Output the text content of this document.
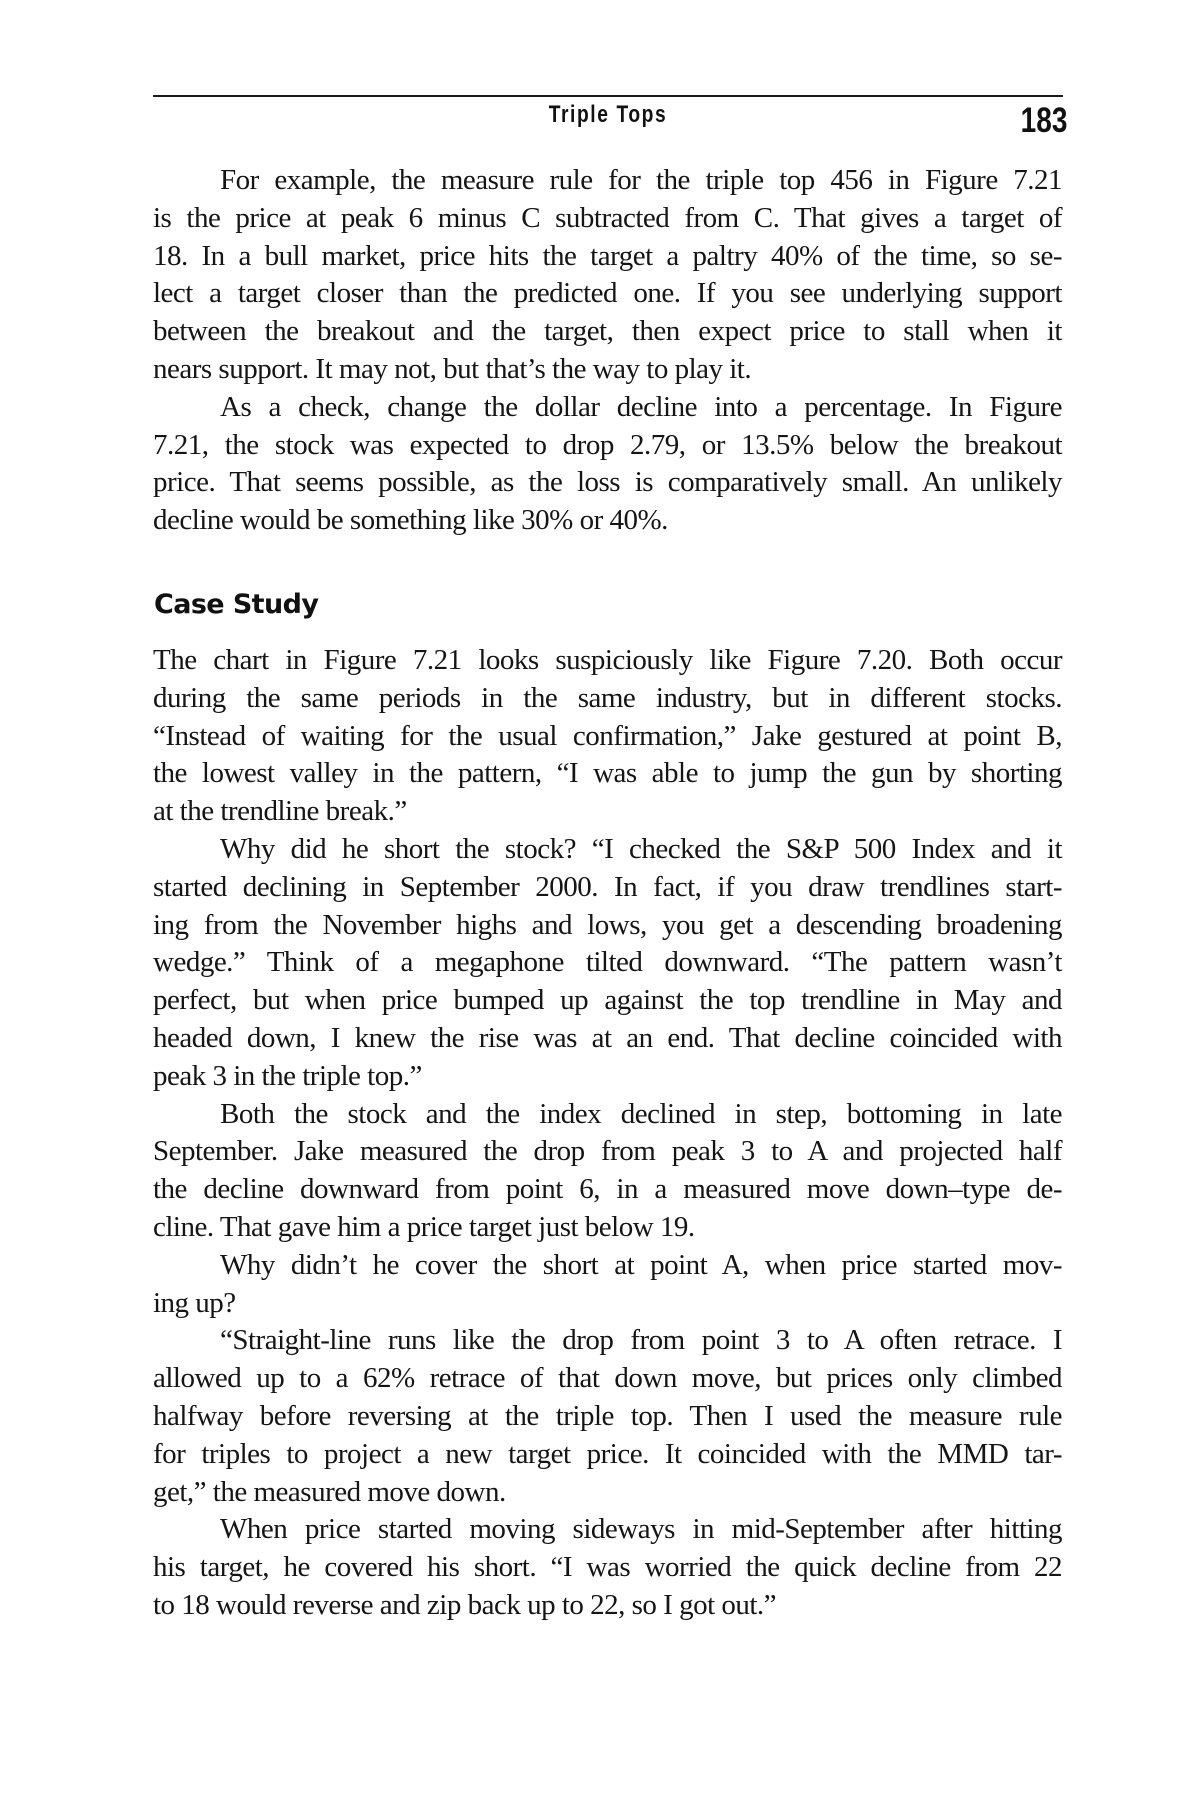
Triple Tops	183
For example, the measure rule for the triple top 456 in Figure 7.21
is the price at peak 6 minus C subtracted from C. That gives a target of
18. In a bull market, price hits the target a paltry 40% of the time, so se-
lect a target closer than the predicted one. If you see underlying support
between the breakout and the target, then expect price to stall when it
nears support. It may not, but that’s the way to play it.
As a check, change the dollar decline into a percentage. In Figure
7.21, the stock was expected to drop 2.79, or 13.5% below the breakout
price. That seems possible, as the loss is comparatively small. An unlikely
decline would be something like 30% or 40%.
Case Study
The chart in Figure 7.21 looks suspiciously like Figure 7.20. Both occur
during the same periods in the same industry, but in different stocks.
“Instead of waiting for the usual confirmation,” Jake gestured at point B,
the lowest valley in the pattern, “I was able to jump the gun by shorting
at the trendline break.”
Why did he short the stock? “I checked the S&P 500 Index and it
started declining in September 2000. In fact, if you draw trendlines start-
ing from the November highs and lows, you get a descending broadening
wedge.” Think of a megaphone tilted downward. “The pattern wasn’t
perfect, but when price bumped up against the top trendline in May and
headed down, I knew the rise was at an end. That decline coincided with
peak 3 in the triple top.”
Both the stock and the index declined in step, bottoming in late
September. Jake measured the drop from peak 3 to A and projected half
the decline downward from point 6, in a measured move down–type de-
cline. That gave him a price target just below 19.
Why didn’t he cover the short at point A, when price started mov-
ing up?
“Straight-line runs like the drop from point 3 to A often retrace. I
allowed up to a 62% retrace of that down move, but prices only climbed
halfway before reversing at the triple top. Then I used the measure rule
for triples to project a new target price. It coincided with the MMD tar-
get,” the measured move down.
When price started moving sideways in mid-September after hitting
his target, he covered his short. “I was worried the quick decline from 22
to 18 would reverse and zip back up to 22, so I got out.”
